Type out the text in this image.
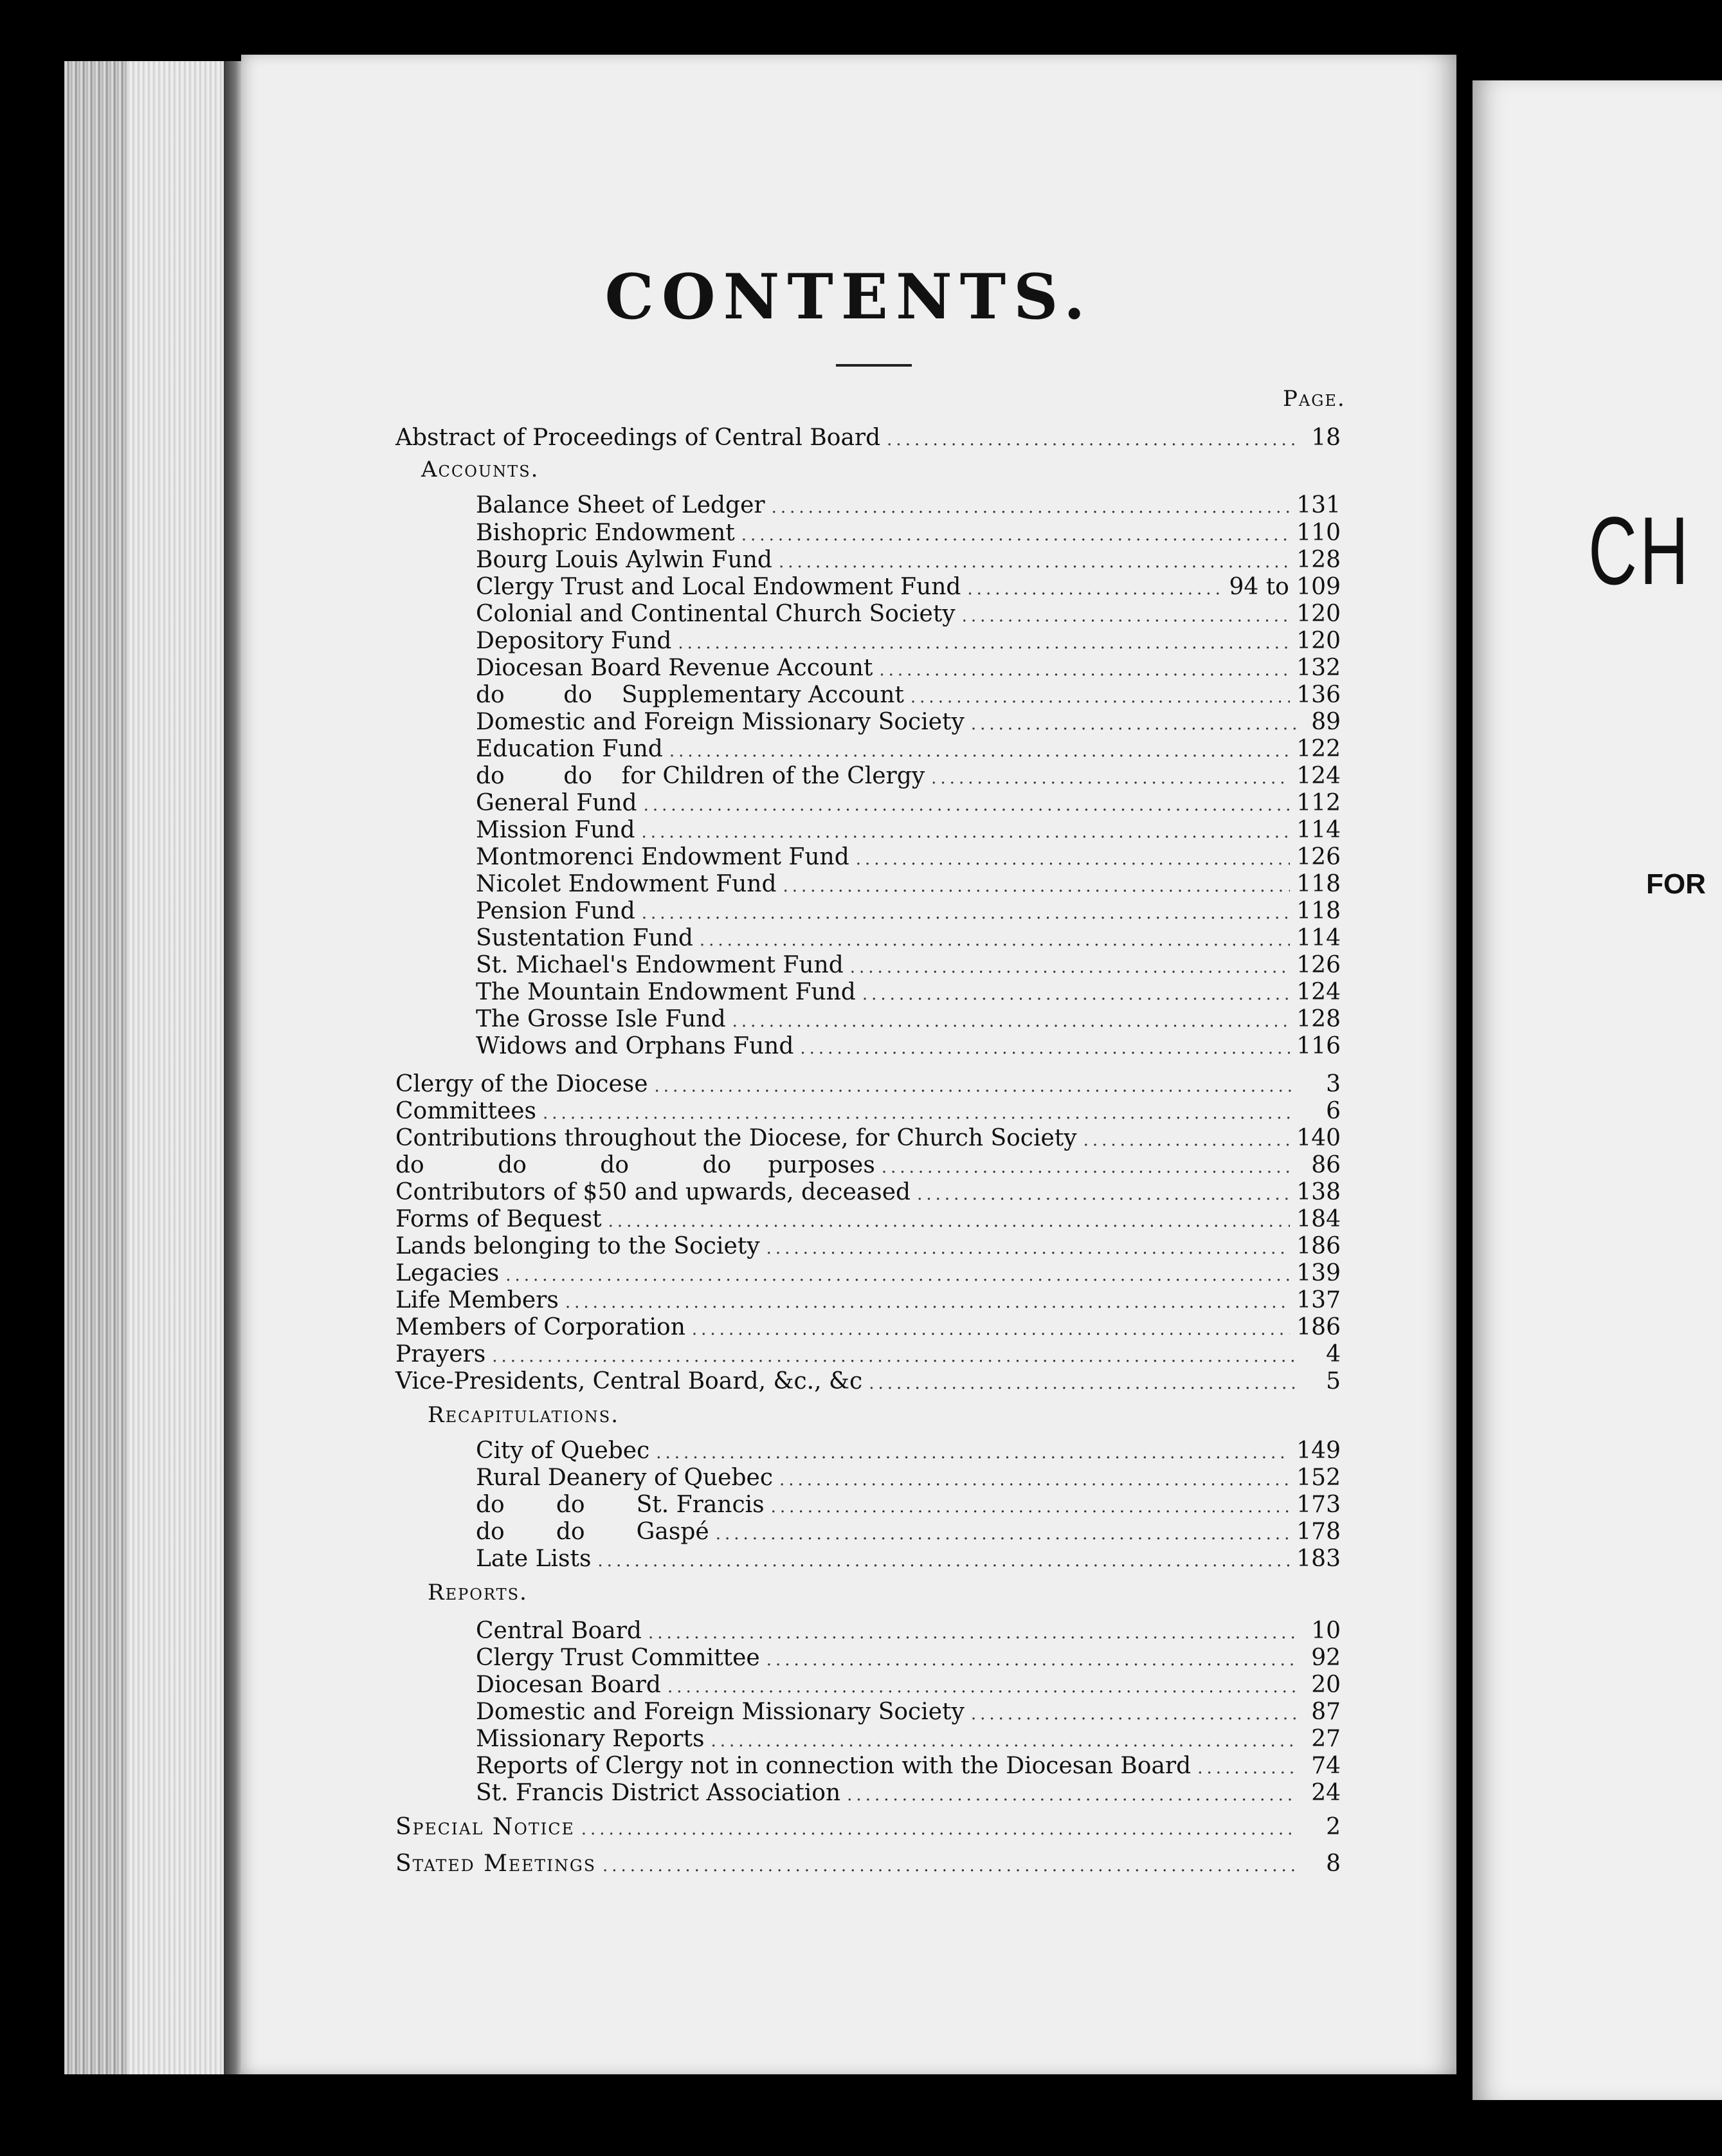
CH
FOR
CONTENTS.
Page.
Abstract of Proceedings of Central Board .....	18
Accounts.
Balance Sheet of Ledger .....	131
Bishopric Endowment .....	110
Bourg Louis Aylwin Fund .....	128
Clergy Trust and Local Endowment Fund .....	94 to 109
Colonial and Continental Church Society .....	120
Depository Fund .....	120
Diocesan Board Revenue Account .....	132
do        do    Supplementary Account .....	136
Domestic and Foreign Missionary Society .....	89
Education Fund .....	122
do        do    for Children of the Clergy .....	124
General Fund .....	112
Mission Fund .....	114
Montmorenci Endowment Fund .....	126
Nicolet Endowment Fund .....	118
Pension Fund .....	118
Sustentation Fund .....	114
St. Michael's Endowment Fund .....	126
The Mountain Endowment Fund .....	124
The Grosse Isle Fund .....	128
Widows and Orphans Fund .....	116
Clergy of the Diocese .....	3
Committees .....	6
Contributions throughout the Diocese, for Church Society .....	140
do          do          do          do     purposes .....	86
Contributors of $50 and upwards, deceased .....	138
Forms of Bequest .....	184
Lands belonging to the Society .....	186
Legacies .....	139
Life Members .....	137
Members of Corporation .....	186
Prayers .....	4
Vice-Presidents, Central Board, &c., &c .....	5
Recapitulations.
City of Quebec .....	149
Rural Deanery of Quebec .....	152
do       do       St. Francis .....	173
do       do       Gaspé .....	178
Late Lists .....	183
Reports.
Central Board .....	10
Clergy Trust Committee .....	92
Diocesan Board .....	20
Domestic and Foreign Missionary Society .....	87
Missionary Reports .....	27
Reports of Clergy not in connection with the Diocesan Board .....	74
St. Francis District Association .....	24
Special Notice .....	2
Stated Meetings .....	8
